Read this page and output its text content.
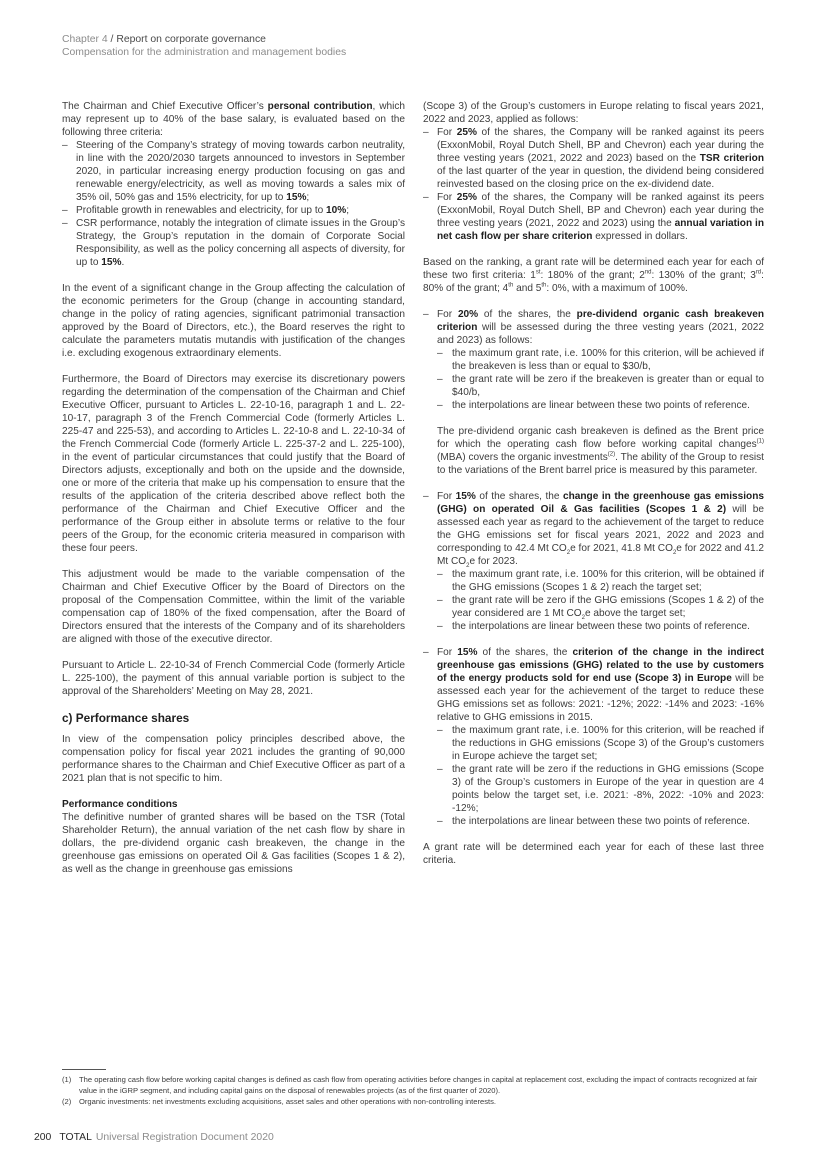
Chapter 4 / Report on corporate governance
Compensation for the administration and management bodies

The Chairman and Chief Executive Officer’s personal contribution, which may represent up to 40% of the base salary, is evaluated based on the following three criteria:

– Steering of the Company’s strategy of moving towards carbon neutrality, in line with the 2020/2030 targets announced to investors in September 2020, in particular increasing energy production focusing on gas and renewable energy/electricity, as well as moving towards a sales mix of 35% oil, 50% gas and 15% electricity, for up to 15%;
– Profitable growth in renewables and electricity, for up to 10%;
– CSR performance, notably the integration of climate issues in the Group’s Strategy, the Group’s reputation in the domain of Corporate Social Responsibility, as well as the policy concerning all aspects of diversity, for up to 15%.

In the event of a significant change in the Group affecting the calculation of the economic perimeters for the Group (change in accounting standard, change in the policy of rating agencies, significant patrimonial transaction approved by the Board of Directors, etc.), the Board reserves the right to calculate the parameters mutatis mutandis with justification of the changes i.e. excluding exogenous extraordinary elements.

Furthermore, the Board of Directors may exercise its discretionary powers regarding the determination of the compensation of the Chairman and Chief Executive Officer, pursuant to Articles L. 22-10-16, paragraph 1 and L. 22-10-17, paragraph 3 of the French Commercial Code (formerly Articles L. 225-47 and 225-53), and according to Articles L. 22-10-8 and L. 22-10-34 of the French Commercial Code (formerly Article L. 225-37-2 and L. 225-100), in the event of particular circumstances that could justify that the Board of Directors adjusts, exceptionally and both on the upside and the downside, one or more of the criteria that make up his compensation to ensure that the results of the application of the criteria described above reflect both the performance of the Chairman and Chief Executive Officer and the performance of the Group either in absolute terms or relative to the four peers of the Group, for the economic criteria measured in comparison with these four peers.

This adjustment would be made to the variable compensation of the Chairman and Chief Executive Officer by the Board of Directors on the proposal of the Compensation Committee, within the limit of the variable compensation cap of 180% of the fixed compensation, after the Board of Directors ensured that the interests of the Company and of its shareholders are aligned with those of the executive director.

Pursuant to Article L. 22-10-34 of French Commercial Code (formerly Article L. 225-100), the payment of this annual variable portion is subject to the approval of the Shareholders’ Meeting on May 28, 2021.

c) Performance shares

In view of the compensation policy principles described above, the compensation policy for fiscal year 2021 includes the granting of 90,000 performance shares to the Chairman and Chief Executive Officer as part of a 2021 plan that is not specific to him.

Performance conditions

The definitive number of granted shares will be based on the TSR (Total Shareholder Return), the annual variation of the net cash flow by share in dollars, the pre-dividend organic cash breakeven, the change in the greenhouse gas emissions on operated Oil & Gas facilities (Scopes 1 & 2), as well as the change in greenhouse gas emissions

(Scope 3) of the Group’s customers in Europe relating to fiscal years 2021, 2022 and 2023, applied as follows:

– For 25% of the shares, the Company will be ranked against its peers (ExxonMobil, Royal Dutch Shell, BP and Chevron) each year during the three vesting years (2021, 2022 and 2023) based on the TSR criterion of the last quarter of the year in question, the dividend being considered reinvested based on the closing price on the ex-dividend date.
– For 25% of the shares, the Company will be ranked against its peers (ExxonMobil, Royal Dutch Shell, BP and Chevron) each year during the three vesting years (2021, 2022 and 2023) using the annual variation in net cash flow per share criterion expressed in dollars.

Based on the ranking, a grant rate will be determined each year for each of these two first criteria: 1st: 180% of the grant; 2nd: 130% of the grant; 3rd: 80% of the grant; 4th and 5th: 0%, with a maximum of 100%.

– For 20% of the shares, the pre-dividend organic cash breakeven criterion will be assessed during the three vesting years (2021, 2022 and 2023) as follows:
– the maximum grant rate, i.e. 100% for this criterion, will be achieved if the breakeven is less than or equal to $30/b,
– the grant rate will be zero if the breakeven is greater than or equal to $40/b,
– the interpolations are linear between these two points of reference.

The pre-dividend organic cash breakeven is defined as the Brent price for which the operating cash flow before working capital changes$^{(1)}$ (MBA) covers the organic investments$^{(2)}$. The ability of the Group to resist to the variations of the Brent barrel price is measured by this parameter.

– For 15% of the shares, the change in the greenhouse gas emissions (GHG) on operated Oil & Gas facilities (Scopes 1 & 2) will be assessed each year as regard to the achievement of the target to reduce the GHG emissions set for fiscal years 2021, 2022 and 2023 and corresponding to 42.4 Mt $CO_2e$ for 2021, 41.8 Mt $CO_2e$ for 2022 and 41.2 Mt $CO_2e$ for 2023.
– the maximum grant rate, i.e. 100% for this criterion, will be obtained if the GHG emissions (Scopes 1 & 2) reach the target set;
– the grant rate will be zero if the GHG emissions (Scopes 1 & 2) of the year considered are 1 Mt $CO_2e$ above the target set;
– the interpolations are linear between these two points of reference.
– For 15% of the shares, the criterion of the change in the indirect greenhouse gas emissions (GHG) related to the use by customers of the energy products sold for end use (Scope 3) in Europe will be assessed each year for the achievement of the target to reduce these GHG emissions set as follows: 2021: -12%; 2022: -14% and 2023: -16% relative to GHG emissions in 2015.
– the maximum grant rate, i.e. 100% for this criterion, will be reached if the reductions in GHG emissions (Scope 3) of the Group’s customers in Europe achieve the target set;
– the grant rate will be zero if the reductions in GHG emissions (Scope 3) of the Group’s customers in Europe of the year in question are 4 points below the target set, i.e. 2021: -8%, 2022: -10% and 2023: -12%;
– the interpolations are linear between these two points of reference.

A grant rate will be determined each year for each of these last three criteria.

(1) The operating cash flow before working capital changes is defined as cash flow from operating activities before changes in capital at replacement cost, excluding the impact of contracts recognized at fair value in the iGRP segment, and including capital gains on the disposal of renewables projects (as of the first quarter of 2020).
(2) Organic investments: net investments excluding acquisitions, asset sales and other operations with non-controlling interests.
200 TOTAL Universal Registration Document 2020
